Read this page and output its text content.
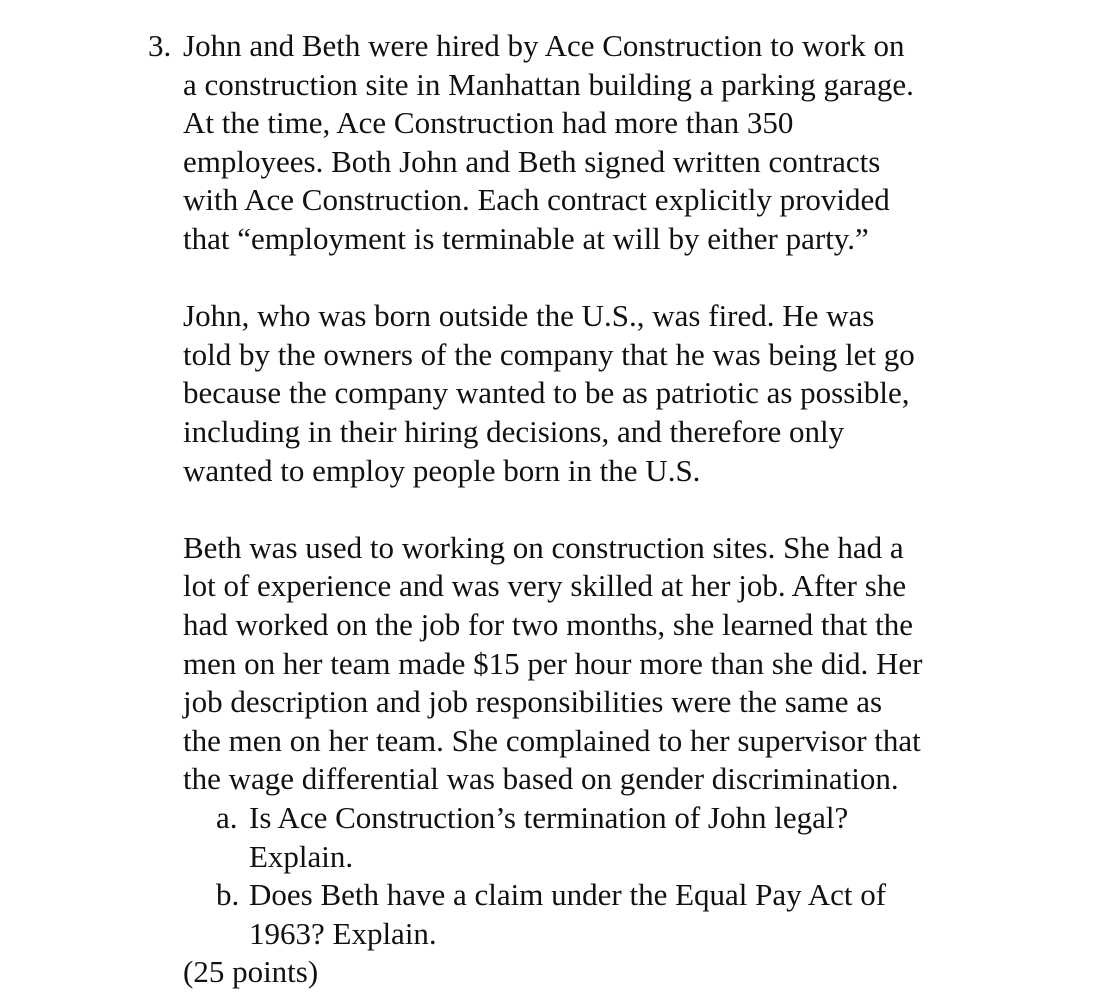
3. John and Beth were hired by Ace Construction to work on
a construction site in Manhattan building a parking garage.
At the time, Ace Construction had more than 350
employees. Both John and Beth signed written contracts
with Ace Construction. Each contract explicitly provided
that “employment is terminable at will by either party.”
John, who was born outside the U.S., was fired. He was
told by the owners of the company that he was being let go
because the company wanted to be as patriotic as possible,
including in their hiring decisions, and therefore only
wanted to employ people born in the U.S.
Beth was used to working on construction sites. She had a
lot of experience and was very skilled at her job. After she
had worked on the job for two months, she learned that the
men on her team made $15 per hour more than she did. Her
job description and job responsibilities were the same as
the men on her team. She complained to her supervisor that
the wage differential was based on gender discrimination.
a. Is Ace Construction’s termination of John legal?
Explain.
b. Does Beth have a claim under the Equal Pay Act of
1963? Explain.
(25 points)
